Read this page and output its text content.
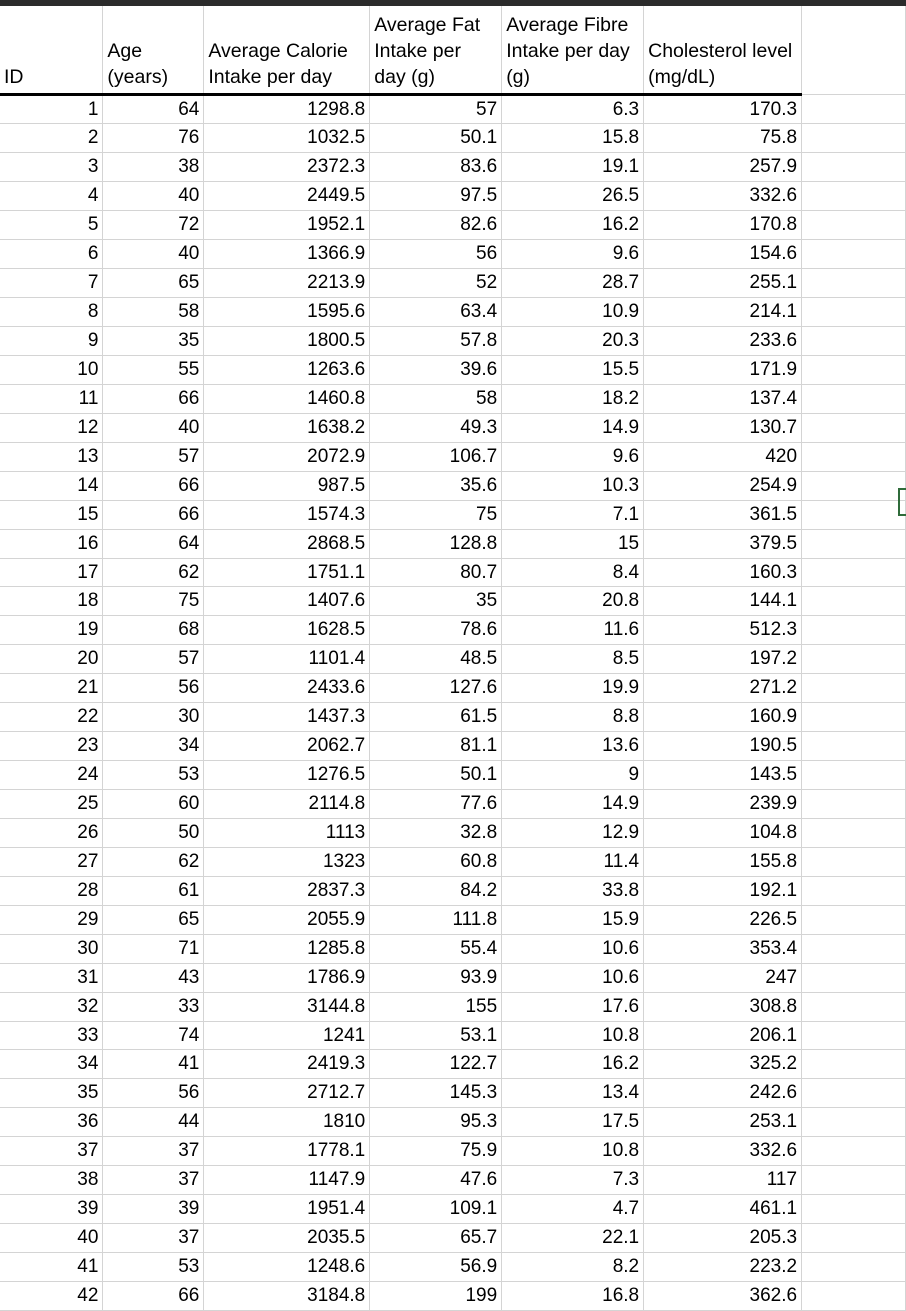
ID	Age (years)	Average Calorie Intake per day	Average Fat Intake per day (g)	Average Fibre Intake per day (g)	Cholesterol level (mg/dL)	

1	64	1298.8	57	6.3	170.3	
2	76	1032.5	50.1	15.8	75.8	
3	38	2372.3	83.6	19.1	257.9	
4	40	2449.5	97.5	26.5	332.6	
5	72	1952.1	82.6	16.2	170.8	
6	40	1366.9	56	9.6	154.6	
7	65	2213.9	52	28.7	255.1	
8	58	1595.6	63.4	10.9	214.1	
9	35	1800.5	57.8	20.3	233.6	
10	55	1263.6	39.6	15.5	171.9	
11	66	1460.8	58	18.2	137.4	
12	40	1638.2	49.3	14.9	130.7	
13	57	2072.9	106.7	9.6	420	
14	66	987.5	35.6	10.3	254.9	
15	66	1574.3	75	7.1	361.5	
16	64	2868.5	128.8	15	379.5	
17	62	1751.1	80.7	8.4	160.3	
18	75	1407.6	35	20.8	144.1	
19	68	1628.5	78.6	11.6	512.3	
20	57	1101.4	48.5	8.5	197.2	
21	56	2433.6	127.6	19.9	271.2	
22	30	1437.3	61.5	8.8	160.9	
23	34	2062.7	81.1	13.6	190.5	
24	53	1276.5	50.1	9	143.5	
25	60	2114.8	77.6	14.9	239.9	
26	50	1113	32.8	12.9	104.8	
27	62	1323	60.8	11.4	155.8	
28	61	2837.3	84.2	33.8	192.1	
29	65	2055.9	111.8	15.9	226.5	
30	71	1285.8	55.4	10.6	353.4	
31	43	1786.9	93.9	10.6	247	
32	33	3144.8	155	17.6	308.8	
33	74	1241	53.1	10.8	206.1	
34	41	2419.3	122.7	16.2	325.2	
35	56	2712.7	145.3	13.4	242.6	
36	44	1810	95.3	17.5	253.1	
37	37	1778.1	75.9	10.8	332.6	
38	37	1147.9	47.6	7.3	117	
39	39	1951.4	109.1	4.7	461.1	
40	37	2035.5	65.7	22.1	205.3	
41	53	1248.6	56.9	8.2	223.2	
42	66	3184.8	199	16.8	362.6	
